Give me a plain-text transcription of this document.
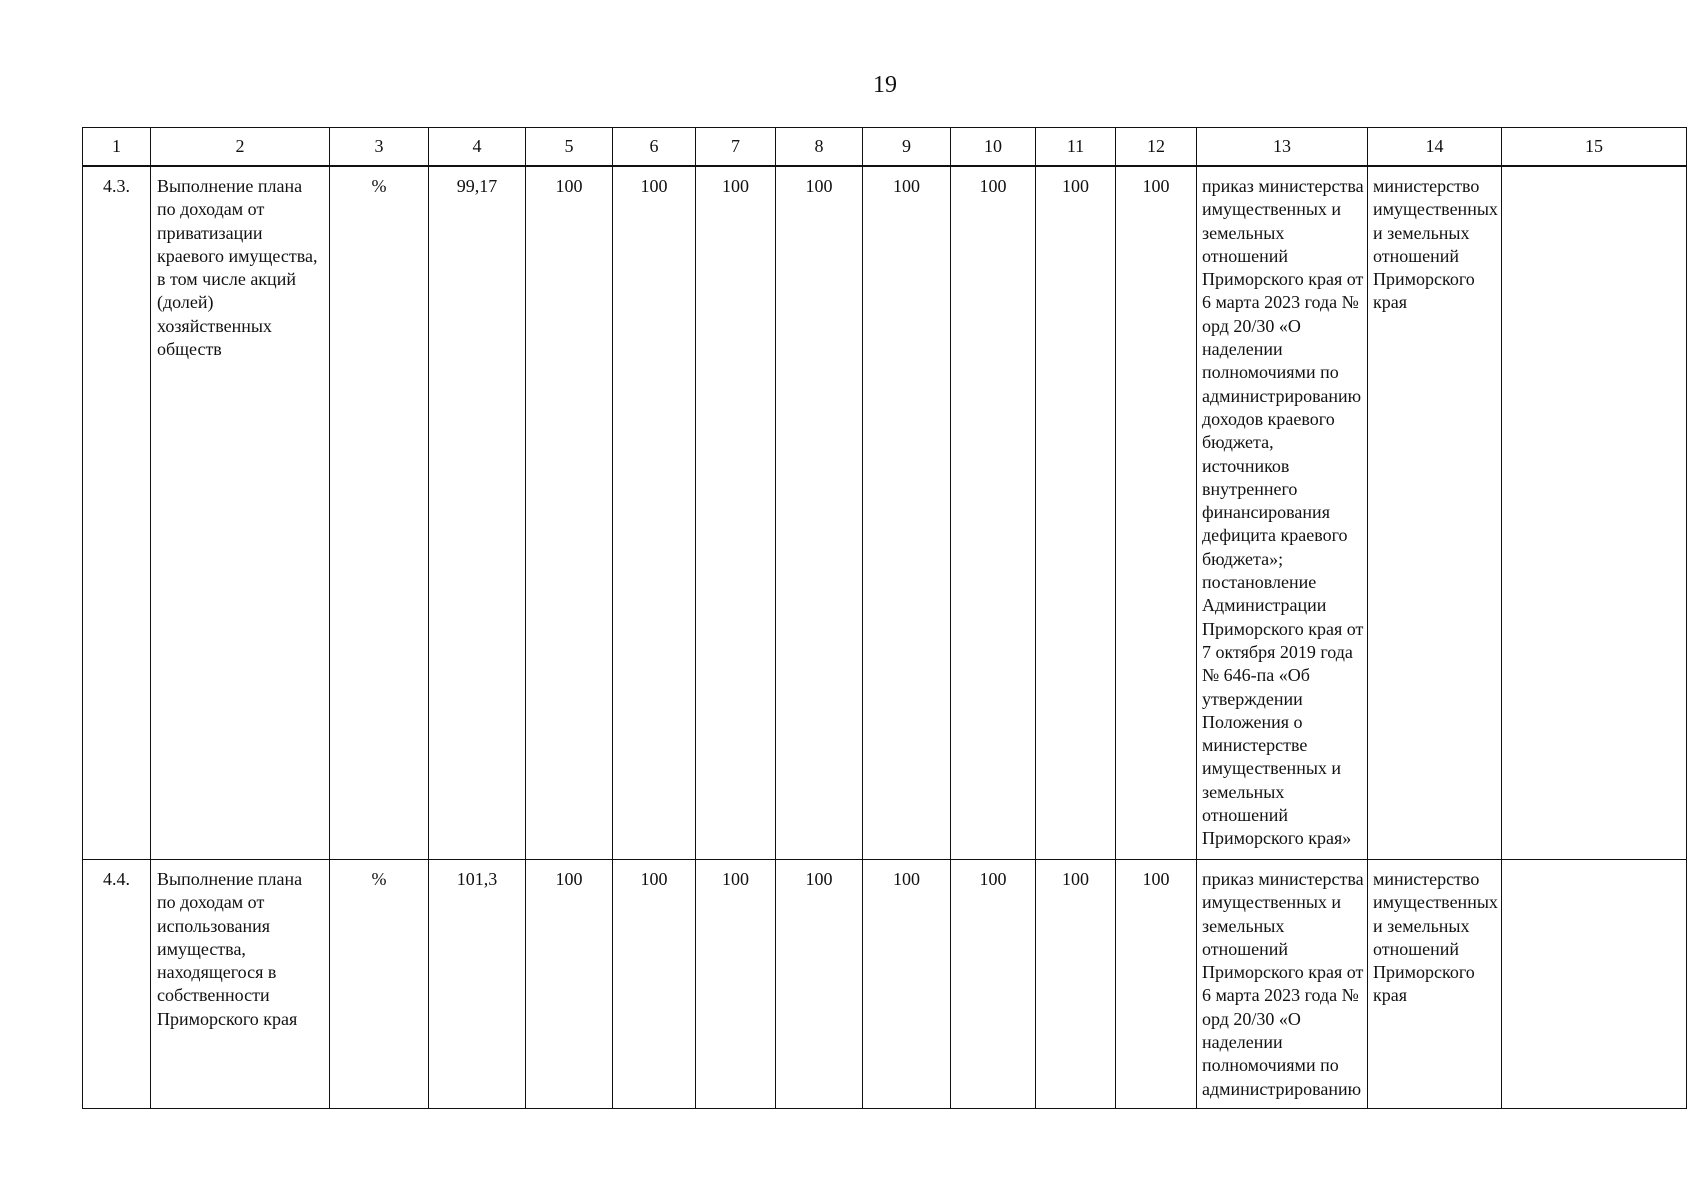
19
1	2	3	4	5	6	7	8	9	10	11	12	13	14	15
4.3.	Выполнение плана по доходам от приватизации краевого имущества, в том числе акций (долей) хозяйственных обществ	%	99,17	100	100	100	100	100	100	100	100	приказ министерства имущественных и земельных отношений Приморского края от 6 марта 2023 года № орд 20/30 «О наделении полномочиями по администрированию доходов краевого бюджета, источников внутреннего финансирования дефицита краевого бюджета»; постановление Администрации Приморского края от 7 октября 2019 года № 646-па «Об утверждении Положения о министерстве имущественных и земельных отношений Приморского края»	министерство имущественных и земельных отношений Приморского края	
4.4.	Выполнение плана по доходам от использования имущества, находящегося в собственности Приморского края	%	101,3	100	100	100	100	100	100	100	100	приказ министерства имущественных и земельных отношений Приморского края от 6 марта 2023 года № орд 20/30 «О наделении полномочиями по администрированию	министерство имущественных и земельных отношений Приморского края	
